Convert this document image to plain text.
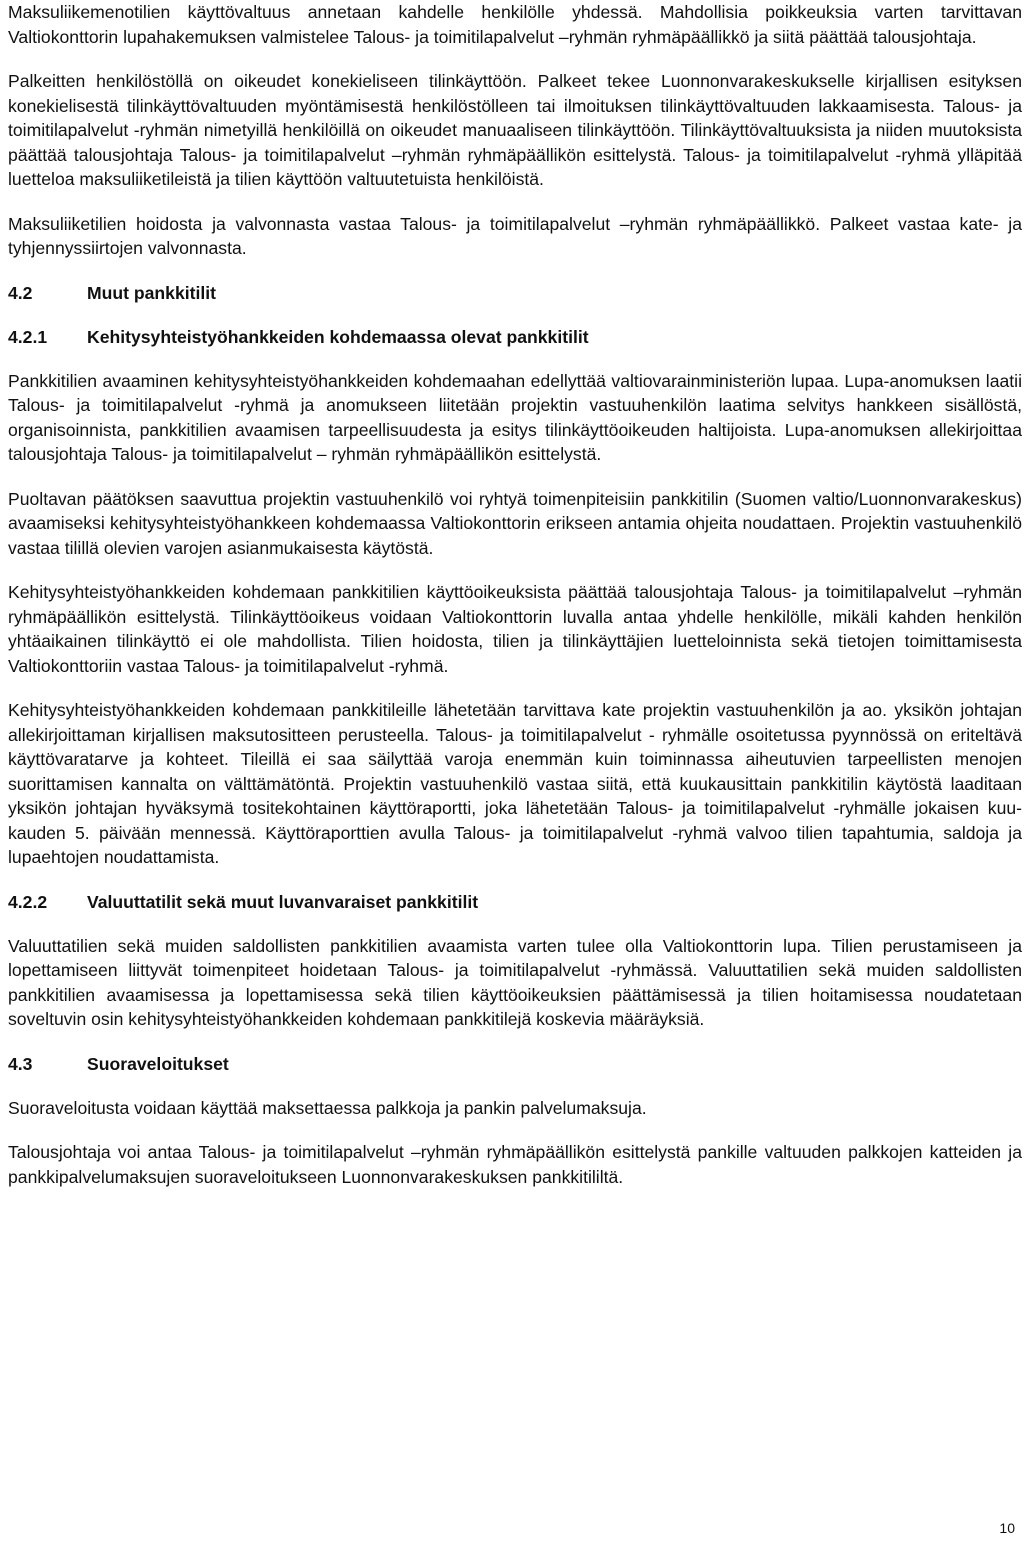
Maksuliikemenotilien käyttövaltuus annetaan kahdelle henkilölle yhdessä. Mahdollisia poikkeuksia varten tarvittavan Valtiokonttorin lupahakemuksen valmistelee Talous- ja toimitilapalvelut –ryhmän ryhmäpäällikkö ja siitä päättää talousjohtaja.

Palkeitten henkilöstöllä on oikeudet konekieliseen tilinkäyttöön. Palkeet tekee Luonnonvarakeskukselle kirjallisen esityksen konekielisestä tilinkäyttövaltuuden myöntämisestä henkilöstölleen tai ilmoituksen tilinkäyttövaltuuden lakkaamisesta. Talous- ja toimitilapalvelut -ryhmän nimetyillä henkilöillä on oikeudet manuaaliseen tilinkäyttöön. Tilinkäyttövaltuuksista ja niiden muutoksista päättää talousjohtaja Talous- ja toimitilapalvelut –ryhmän ryhmäpäällikön esittelystä. Talous- ja toimitilapalvelut -ryhmä ylläpitää luetteloa maksuliiketileistä ja tilien käyttöön valtuutetuista henkilöistä.

Maksuliiketilien hoidosta ja valvonnasta vastaa Talous- ja toimitilapalvelut –ryhmän ryhmäpäällikkö. Palkeet vastaa kate- ja tyhjennyssiirtojen valvonnasta.

4.2	Muut pankkitilit
4.2.1	Kehitysyhteistyöhankkeiden kohdemaassa olevat pankkitilit

Pankkitilien avaaminen kehitysyhteistyöhankkeiden kohdemaahan edellyttää valtiovarainministeriön lupaa. Lupa-anomuksen laatii Talous- ja toimitilapalvelut -ryhmä ja anomukseen liitetään projektin vastuuhenkilön laatima selvitys hankkeen sisällöstä, organisoinnista, pankkitilien avaamisen tarpeellisuudesta ja esitys tilinkäyttöoikeuden haltijoista. Lupa-anomuksen allekirjoittaa talousjohtaja Talous- ja toimitilapalvelut – ryhmän ryhmäpäällikön esittelystä.

Puoltavan päätöksen saavuttua projektin vastuuhenkilö voi ryhtyä toimenpiteisiin pankkitilin (Suomen valtio/Luonnonvarakeskus) avaamiseksi kehitysyhteistyöhankkeen kohdemaassa Valtiokonttorin erikseen antamia ohjeita noudattaen. Projektin vastuuhenkilö vastaa tilillä olevien varojen asianmukaisesta käytöstä.

Kehitysyhteistyöhankkeiden kohdemaan pankkitilien käyttöoikeuksista päättää talousjohtaja Talous- ja toimitilapalvelut –ryhmän ryhmäpäällikön esittelystä. Tilinkäyttöoikeus voidaan Valtiokonttorin luvalla antaa yhdelle henkilölle, mikäli kahden henkilön yhtäaikainen tilinkäyttö ei ole mahdollista. Tilien hoidosta, tilien ja tilinkäyttäjien luetteloinnista sekä tietojen toimittamisesta Valtiokonttoriin vastaa Talous- ja toimitilapalvelut -ryhmä.

Kehitysyhteistyöhankkeiden kohdemaan pankkitileille lähetetään tarvittava kate projektin vastuuhenkilön ja ao. yksikön johtajan allekirjoittaman kirjallisen maksutositteen perusteella. Talous- ja toimitilapalvelut - ryhmälle osoitetussa pyynnössä on eriteltävä käyttövaratarve ja kohteet. Tileillä ei saa säilyttää varoja enemmän kuin toiminnassa aiheutuvien tarpeellisten menojen suorittamisen kannalta on välttämätöntä. Projektin vastuuhenkilö vastaa siitä, että kuukausittain pankkitilin käytöstä laaditaan yksikön johtajan hyväksymä tositekohtainen käyttöraportti, joka lähetetään Talous- ja toimitilapalvelut -ryhmälle jokaisen kuukauden 5. päivään mennessä. Käyttöraporttien avulla Talous- ja toimitilapalvelut -ryhmä valvoo tilien tapahtumia, saldoja ja lupaehtojen noudattamista.

4.2.2	Valuuttatilit sekä muut luvanvaraiset pankkitilit

Valuuttatilien sekä muiden saldollisten pankkitilien avaamista varten tulee olla Valtiokonttorin lupa. Tilien perustamiseen ja lopettamiseen liittyvät toimenpiteet hoidetaan Talous- ja toimitilapalvelut -ryhmässä. Valuuttatilien sekä muiden saldollisten pankkitilien avaamisessa ja lopettamisessa sekä tilien käyttöoikeuksien päättämisessä ja tilien hoitamisessa noudatetaan soveltuvin osin kehitysyhteistyöhankkeiden kohdemaan pankkitilejä koskevia määräyksiä.

4.3	Suoraveloitukset

Suoraveloitusta voidaan käyttää maksettaessa palkkoja ja pankin palvelumaksuja.

Talousjohtaja voi antaa Talous- ja toimitilapalvelut –ryhmän ryhmäpäällikön esittelystä pankille valtuuden palkkojen katteiden ja pankkipalvelumaksujen suoraveloitukseen Luonnonvarakeskuksen pankkitililtä.

10
